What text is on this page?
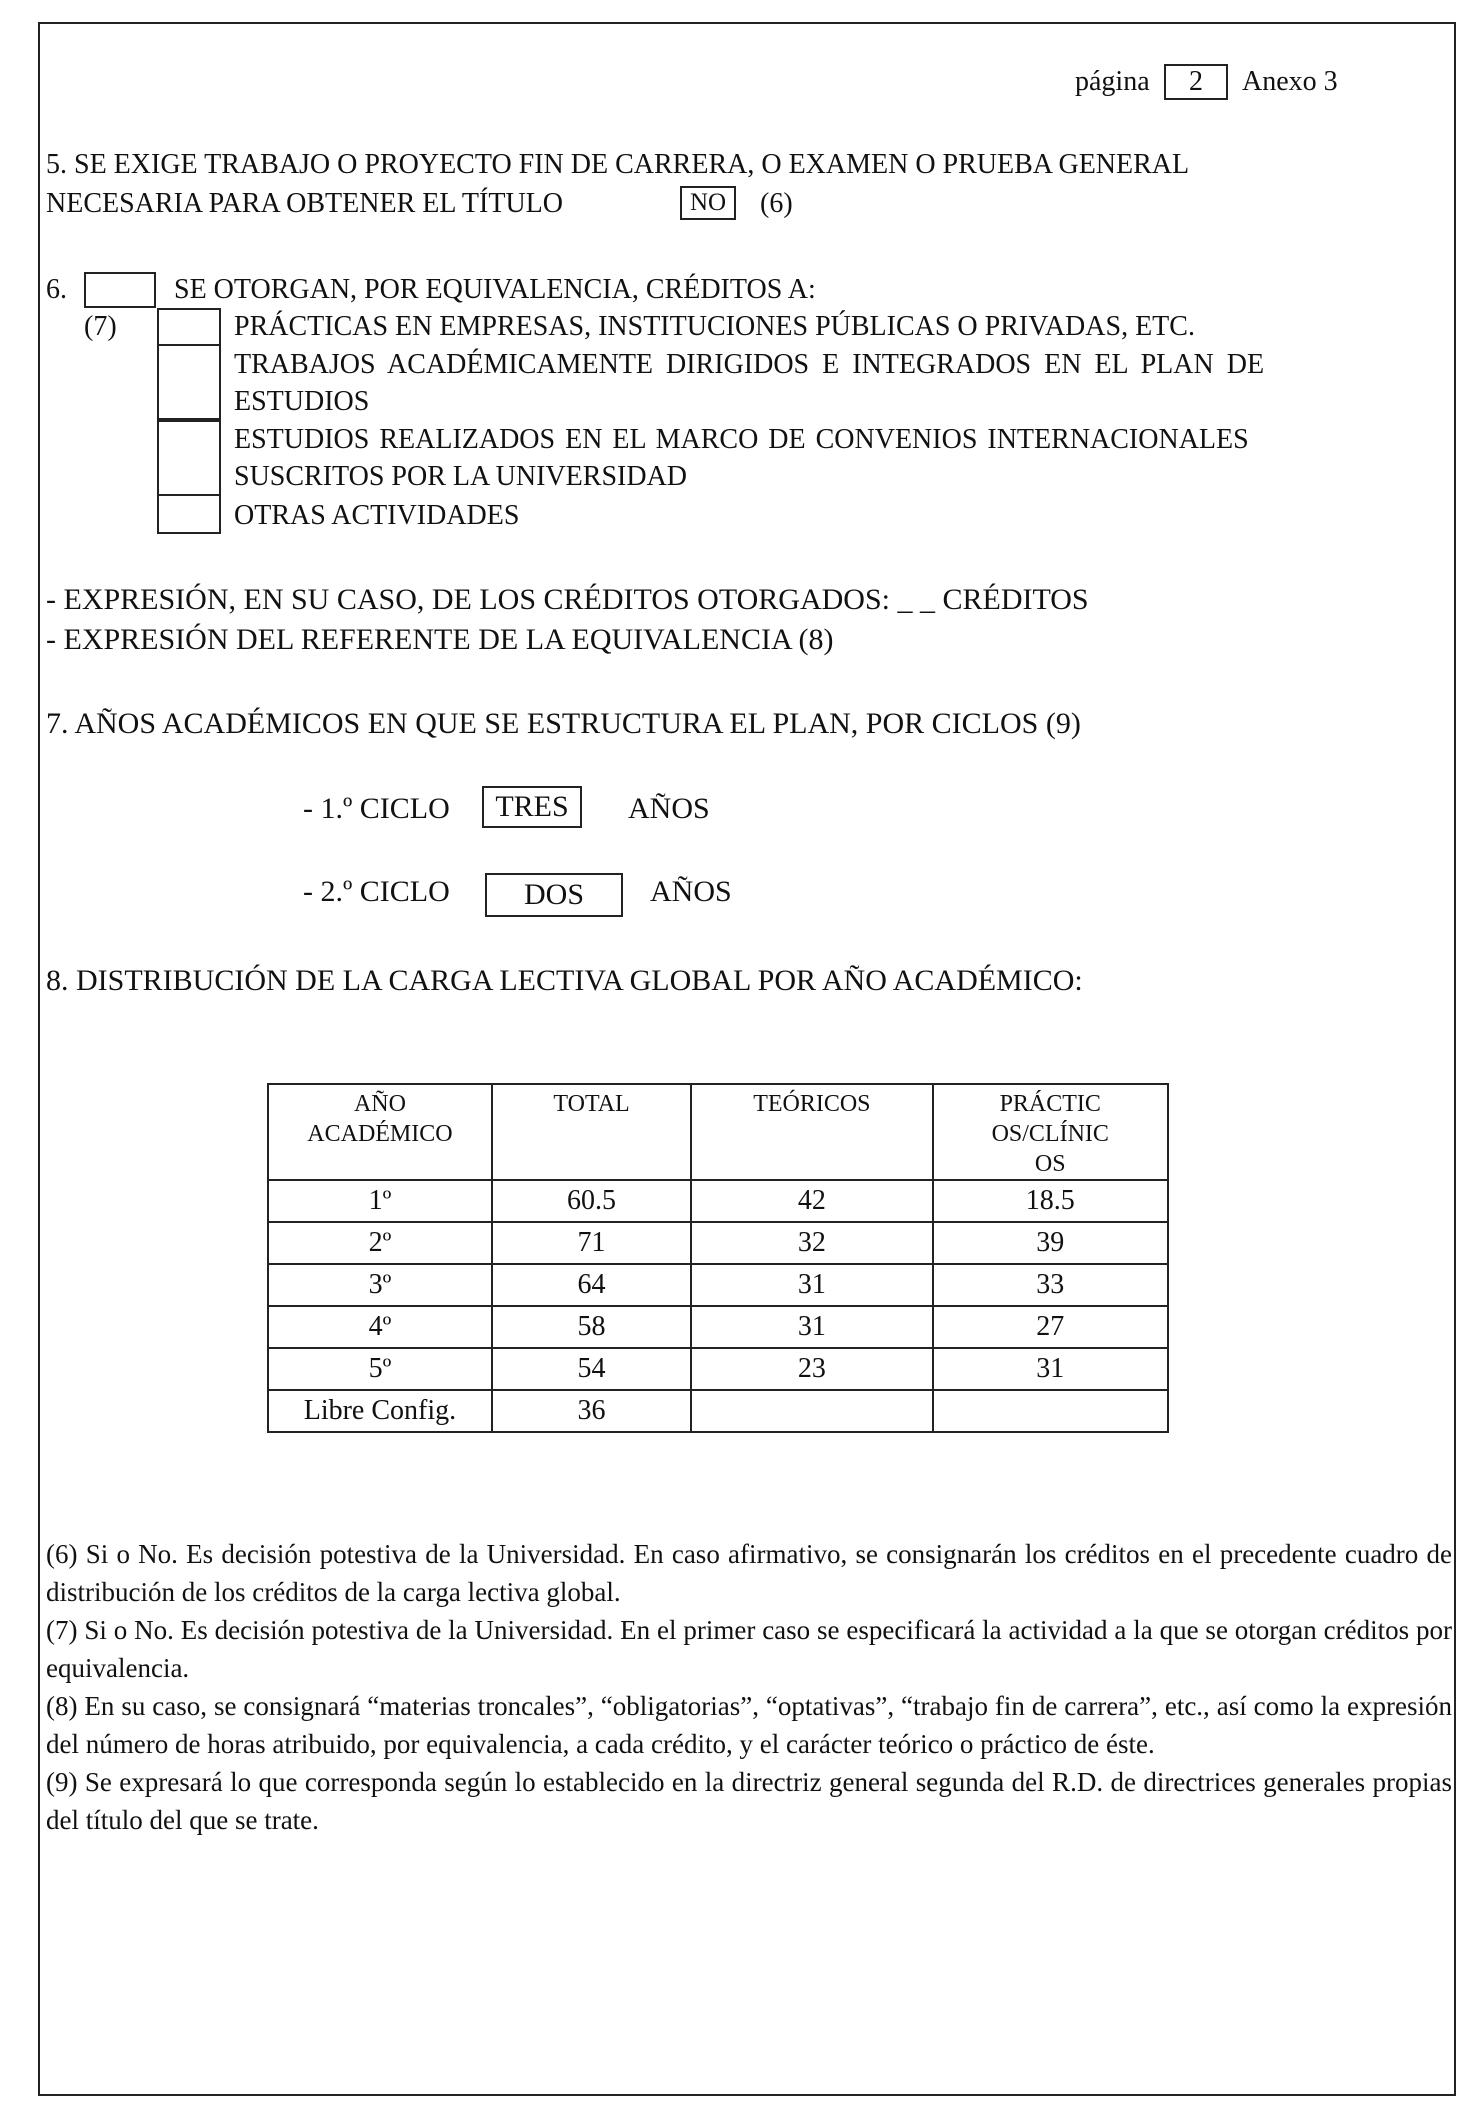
página 2 Anexo 3
5. SE EXIGE TRABAJO O PROYECTO FIN DE CARRERA, O EXAMEN O PRUEBA GENERAL
NECESARIA PARA OBTENER EL TÍTULO	NO (6)
6.	SE OTORGAN, POR EQUIVALENCIA, CRÉDITOS A:
(7)	PRÁCTICAS EN EMPRESAS, INSTITUCIONES PÚBLICAS O PRIVADAS, ETC.
TRABAJOS ACADÉMICAMENTE DIRIGIDOS E INTEGRADOS EN EL PLAN DE
ESTUDIOS
ESTUDIOS REALIZADOS EN EL MARCO DE CONVENIOS INTERNACIONALES
SUSCRITOS POR LA UNIVERSIDAD
OTRAS ACTIVIDADES
- EXPRESIÓN, EN SU CASO, DE LOS CRÉDITOS OTORGADOS: _ _ CRÉDITOS
- EXPRESIÓN DEL REFERENTE DE LA EQUIVALENCIA (8)
7. AÑOS ACADÉMICOS EN QUE SE ESTRUCTURA EL PLAN, POR CICLOS (9)
- 1.º CICLO TRES AÑOS
- 2.º CICLO DOS AÑOS
8. DISTRIBUCIÓN DE LA CARGA LECTIVA GLOBAL POR AÑO ACADÉMICO:
AÑO ACADÉMICO	TOTAL	TEÓRICOS	PRÁCTICOS/CLÍNICOS
1º	60.5	42	18.5
2º	71	32	39
3º	64	31	33
4º	58	31	27
5º	54	23	31
Libre Config.	36		

(6) Si o No. Es decisión potestiva de la Universidad. En caso afirmativo, se consignarán los créditos en el precedente cuadro de distribución de los créditos de la carga lectiva global.

(7) Si o No. Es decisión potestiva de la Universidad. En el primer caso se especificará la actividad a la que se otorgan créditos por equivalencia.

(8) En su caso, se consignará “materias troncales”, “obligatorias”, “optativas”, “trabajo fin de carrera”, etc., así como la expresión del número de horas atribuido, por equivalencia, a cada crédito, y el carácter teórico o práctico de éste.

(9) Se expresará lo que corresponda según lo establecido en la directriz general segunda del R.D. de directrices generales propias del título del que se trate.
